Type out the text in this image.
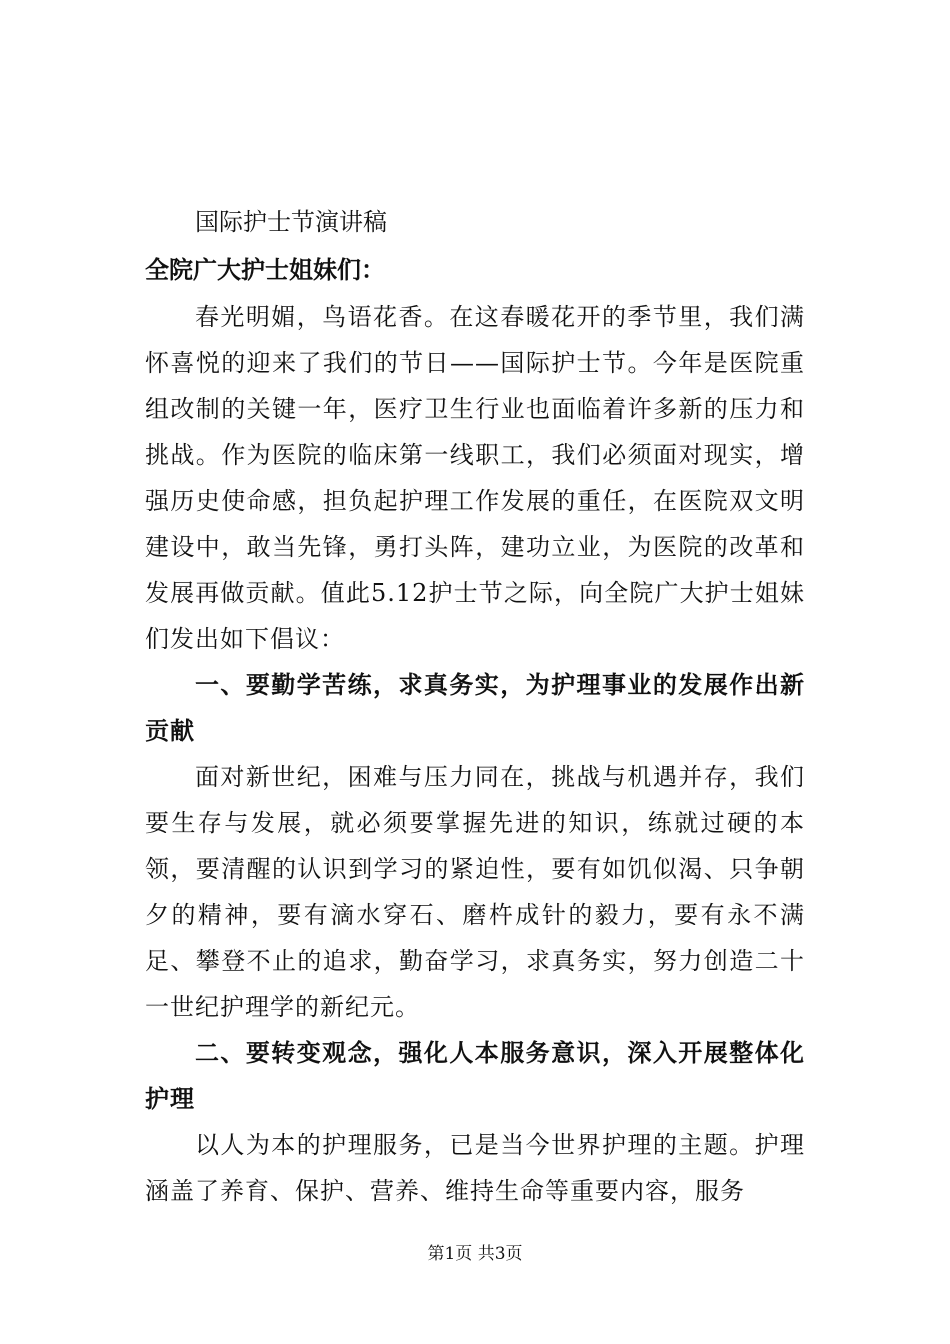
国际护士节演讲稿

全院广大护士姐妹们：

春光明媚，鸟语花香。在这春暖花开的季节里，我们满怀喜悦的迎来了我们的节日——国际护士节。今年是医院重组改制的关键一年，医疗卫生行业也面临着许多新的压力和挑战。作为医院的临床第一线职工，我们必须面对现实，增强历史使命感，担负起护理工作发展的重任，在医院双文明建设中，敢当先锋，勇打头阵，建功立业，为医院的改革和发展再做贡献。值此5.12护士节之际，向全院广大护士姐妹们发出如下倡议：

一、要勤学苦练，求真务实，为护理事业的发展作出新贡献

面对新世纪，困难与压力同在，挑战与机遇并存，我们要生存与发展，就必须要掌握先进的知识，练就过硬的本领，要清醒的认识到学习的紧迫性，要有如饥似渴、只争朝夕的精神，要有滴水穿石、磨杵成针的毅力，要有永不满足、攀登不止的追求，勤奋学习，求真务实，努力创造二十一世纪护理学的新纪元。

二、要转变观念，强化人本服务意识，深入开展整体化护理

以人为本的护理服务，已是当今世界护理的主题。护理涵盖了养育、保护、营养、维持生命等重要内容，服务

第1页 共3页
